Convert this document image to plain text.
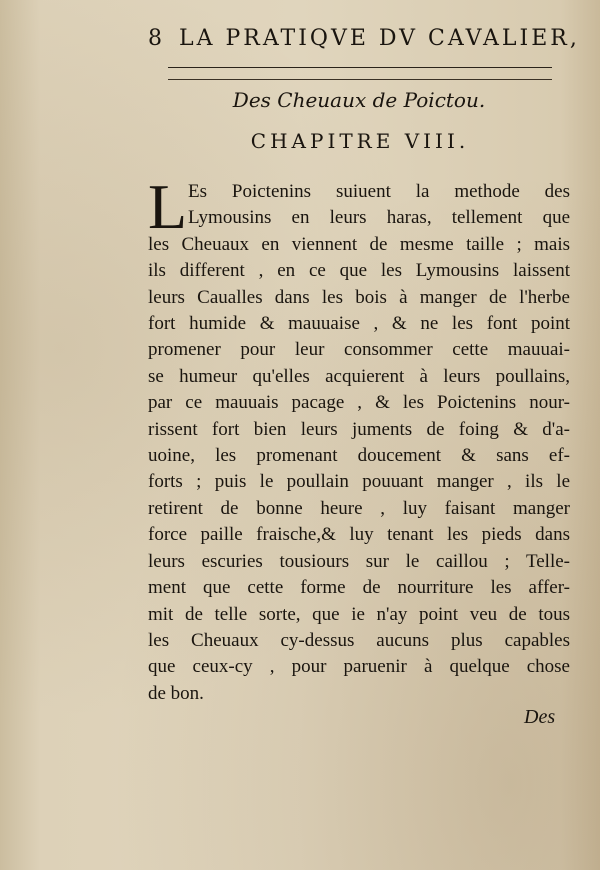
8 LA PRATIQVE DV CAVALIER,
Des Cheuaux de Poictou.
CHAPITRE VIII.
L Es Poictenins suiuent la methode des
Lymousins en leurs haras, tellement que
les Cheuaux en viennent de mesme taille ; mais
ils different , en ce que les Lymousins laissent
leurs Caualles dans les bois à manger de l'herbe
fort humide & mauuaise , & ne les font point
promener pour leur consommer cette mauuai-
se humeur qu'elles acquierent à leurs poullains,
par ce mauuais pacage , & les Poictenins nour-
rissent fort bien leurs juments de foing & d'a-
uoine, les promenant doucement & sans ef-
forts ; puis le poullain pouuant manger , ils le
retirent de bonne heure , luy faisant manger
force paille fraische,& luy tenant les pieds dans
leurs escuries tousiours sur le caillou ; Telle-
ment que cette forme de nourriture les affer-
mit de telle sorte, que ie n'ay point veu de tous
les Cheuaux cy-dessus aucuns plus capables
que ceux-cy , pour paruenir à quelque chose
de bon.
Des
